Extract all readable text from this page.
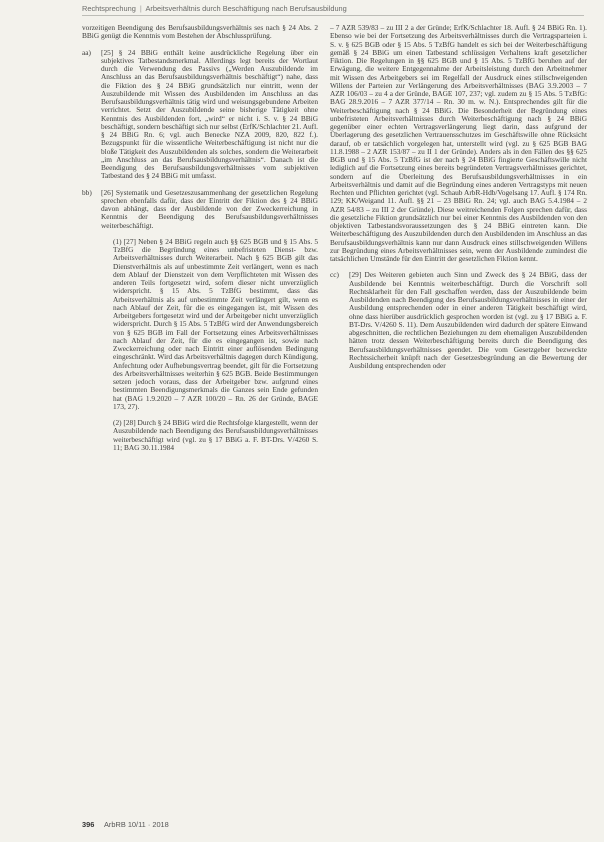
Rechtsprechung | Arbeitsverhältnis durch Beschäftigung nach Berufsausbildung

vorzeitigen Beendigung des Berufsausbildungsverhältnis ses nach § 24 Abs. 2 BBiG genügt die Kenntnis vom Bestehen der Abschlussprüfung.

aa) [25] § 24 BBiG enthält keine ausdrückliche Regelung über ein subjektives Tatbestandsmerkmal. Allerdings legt bereits der Wortlaut durch die Verwendung des Passivs („Werden Auszubildende im Anschluss an das Berufsausbildungsverhältnis beschäftigt“) nahe, dass die Fiktion des § 24 BBiG grundsätzlich nur eintritt, wenn der Auszubildende mit Wissen des Ausbildenden im Anschluss an das Berufsausbildungsverhältnis tätig wird und weisungsgebundene Arbeiten verrichtet. Setzt der Auszubildende seine bisherige Tätigkeit ohne Kenntnis des Ausbildenden fort, „wird“ er nicht i. S. v. § 24 BBiG beschäftigt, sondern beschäftigt sich nur selbst (ErfK/Schlachter 21. Aufl. § 24 BBiG Rn. 6; vgl. auch Benecke NZA 2009, 820, 822 f.). Bezugspunkt für die wissentliche Weiterbeschäftigung ist nicht nur die bloße Tätigkeit des Auszubildenden als solches, sondern die Weiterarbeit „im Anschluss an das Berufsausbildungsverhältnis“. Danach ist die Beendigung des Berufsausbildungsverhältnisses vom subjektiven Tatbestand des § 24 BBiG mit umfasst.

bb) [26] Systematik und Gesetzeszusammenhang der gesetzlichen Regelung sprechen ebenfalls dafür, dass der Eintritt der Fiktion des § 24 BBiG davon abhängt, dass der Ausbildende von der Zweckerreichung in Kenntnis der Beendigung des Berufsausbildungsverhältnisses weiterbeschäftigt.

(1) [27] Neben § 24 BBiG regeln auch §§ 625 BGB und § 15 Abs. 5 TzBfG die Begründung eines unbefristeten Dienst- bzw. Arbeitsverhältnisses durch Weiterarbeit. Nach § 625 BGB gilt das Dienstverhältnis als auf unbestimmte Zeit verlängert, wenn es nach dem Ablauf der Dienstzeit von dem Verpflichteten mit Wissen des anderen Teils fortgesetzt wird, sofern dieser nicht unverzüglich widerspricht. § 15 Abs. 5 TzBfG bestimmt, dass das Arbeitsverhältnis als auf unbestimmte Zeit verlängert gilt, wenn es nach Ablauf der Zeit, für die es eingegangen ist, mit Wissen des Arbeitgebers fortgesetzt wird und der Arbeitgeber nicht unverzüglich widerspricht. Durch § 15 Abs. 5 TzBfG wird der Anwendungsbereich von § 625 BGB im Fall der Fortsetzung eines Arbeitsverhältnisses nach Ablauf der Zeit, für die es eingegangen ist, sowie nach Zweckerreichung oder nach Eintritt einer auflösenden Bedingung eingeschränkt. Wird das Arbeitsverhältnis dagegen durch Kündigung, Anfechtung oder Aufhebungsvertrag beendet, gilt für die Fortsetzung des Arbeitsverhältnisses weiterhin § 625 BGB. Beide Bestimmungen setzen jedoch voraus, dass der Arbeitgeber bzw. aufgrund eines bestimmten Beendigungsmerkmals die Ganzes sein Ende gefunden hat (BAG 1.9.2020 – 7 AZR 100/20 – Rn. 26 der Gründe, BAGE 173, 27).

(2) [28] Durch § 24 BBiG wird die Rechtsfolge klargestellt, wenn der Auszubildende nach Beendigung des Berufsausbildungsverhältnisses weiterbeschäftigt wird (vgl. zu § 17 BBiG a. F. BT-Drs. V/4260 S. 11; BAG 30.11.1984

– 7 AZR 539/83 – zu III 2 a der Gründe; ErfK/Schlachter 18. Aufl. § 24 BBiG Rn. 1). Ebenso wie bei der Fortsetzung des Arbeitsverhältnisses durch die Vertragsparteien i. S. v. § 625 BGB oder § 15 Abs. 5 TzBfG handelt es sich bei der Weiterbeschäftigung gemäß § 24 BBiG um einen Tatbestand schlüssigen Verhaltens kraft gesetzlicher Fiktion. Die Regelungen in §§ 625 BGB und § 15 Abs. 5 TzBfG beruhen auf der Erwägung, die weitere Entgegennahme der Arbeitsleistung durch den Arbeitnehmer mit Wissen des Arbeitgebers sei im Regelfall der Ausdruck eines stillschweigenden Willens der Parteien zur Verlängerung des Arbeitsverhältnisses (BAG 3.9.2003 – 7 AZR 106/03 – zu 4 a der Gründe, BAGE 107, 237; vgl. zudem zu § 15 Abs. 5 TzBfG: BAG 28.9.2016 – 7 AZR 377/14 – Rn. 30 m. w. N.). Entsprechendes gilt für die Weiterbeschäftigung nach § 24 BBiG. Die Besonderheit der Begründung eines unbefristeten Arbeitsverhältnisses durch Weiterbeschäftigung nach § 24 BBiG gegenüber einer echten Vertragsverlängerung liegt darin, dass aufgrund der Überlagerung des gesetzlichen Vertrauensschutzes im Geschäftswille ohne Rücksicht darauf, ob er tatsächlich vorgelegen hat, unterstellt wird (vgl. zu § 625 BGB BAG 11.8.1988 – 2 AZR 153/87 – zu II 1 der Gründe). Anders als in den Fällen des §§ 625 BGB und § 15 Abs. 5 TzBfG ist der nach § 24 BBiG fingierte Geschäftswille nicht lediglich auf die Fortsetzung eines bereits begründeten Vertragsverhältnisses gerichtet, sondern auf die Überleitung des Berufsausbildungsverhältnisses in ein Arbeitsverhältnis und damit auf die Begründung eines anderen Vertragstyps mit neuen Rechten und Pflichten gerichtet (vgl. Schaub ArbR-Hdb/Vogelsang 17. Aufl. § 174 Rn. 129; KK/Weigand 11. Aufl. §§ 21 – 23 BBiG Rn. 24; vgl. auch BAG 5.4.1984 – 2 AZR 54/83 – zu III 2 der Gründe). Diese weitreichenden Folgen sprechen dafür, dass die gesetzliche Fiktion grundsätzlich nur bei einer Kenntnis des Ausbildenden von den objektiven Tatbestandsvoraussetzungen des § 24 BBiG eintreten kann. Die Weiterbeschäftigung des Auszubildenden durch den Ausbildenden im Anschluss an das Berufsausbildungsverhältnis kann nur dann Ausdruck eines stillschweigenden Willens zur Begründung eines Arbeitsverhältnisses sein, wenn der Ausbildende zumindest die tatsächlichen Umstände für den Eintritt der gesetzlichen Fiktion kennt.

cc) [29] Des Weiteren gebieten auch Sinn und Zweck des § 24 BBiG, dass der Ausbildende bei Kenntnis weiterbeschäftigt. Durch die Vorschrift soll Rechtsklarheit für den Fall geschaffen werden, dass der Auszubildende beim Ausbildenden nach Beendigung des Berufsausbildungsverhältnisses in einer der Ausbildung entsprechenden oder in einer anderen Tätigkeit beschäftigt wird, ohne dass hierüber ausdrücklich gesprochen worden ist (vgl. zu § 17 BBiG a. F. BT-Drs. V/4260 S. 11). Dem Auszubildenden wird dadurch der spätere Einwand abgeschnitten, die rechtlichen Beziehungen zu dem ehemaligen Auszubildenden hätten trotz dessen Weiterbeschäftigung bereits durch die Beendigung des Berufsausbildungsverhältnisses geendet. Die vom Gesetzgeber bezweckte Rechtssicherheit knüpft nach der Gesetzesbegründung an die Bewertung der Ausbildung entsprechenden oder

396 ArbRB 10/11 · 2018
